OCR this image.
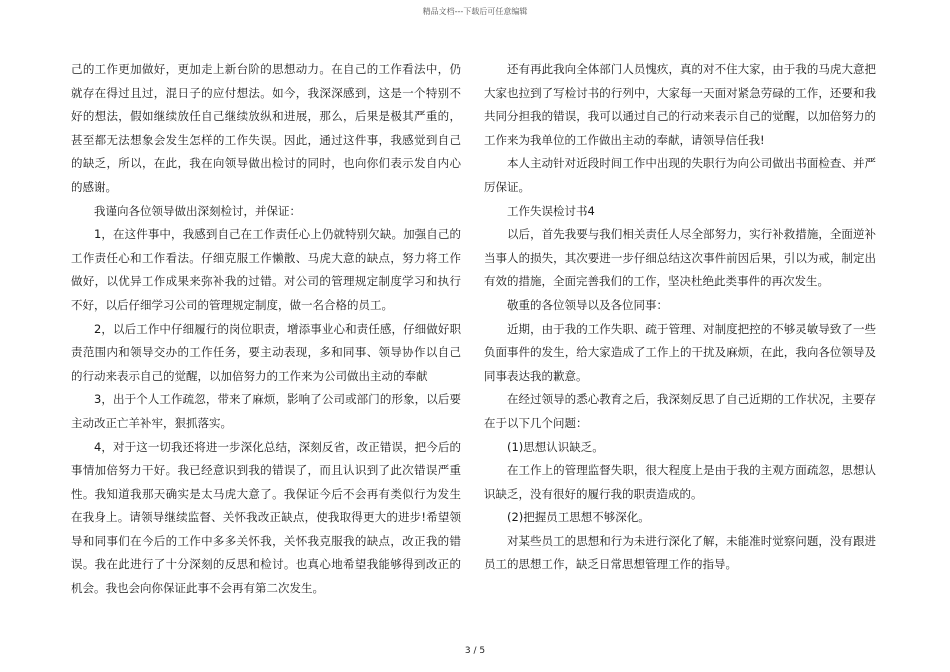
精品文档---下载后可任意编辑

己的工作更加做好，更加走上新台阶的思想动力。在自己的工作看法中，仍就存在得过且过，混日子的应付想法。如今，我深深感到，这是一个特别不好的想法，假如继续放任自己继续放纵和进展，那么，后果是极其严重的，甚至都无法想象会发生怎样的工作失误。因此，通过这件事，我感觉到自己的缺乏，所以，在此，我在向领导做出检讨的同时，也向你们表示发自内心的感谢。

我谨向各位领导做出深刻检讨，并保证：

1，在这件事中，我感到自己在工作责任心上仍就特别欠缺。加强自己的工作责任心和工作看法。仔细克服工作懒散、马虎大意的缺点，努力将工作做好，以优异工作成果来弥补我的过错。对公司的管理规定制度学习和执行不好，以后仔细学习公司的管理规定制度，做一名合格的员工。

2，以后工作中仔细履行的岗位职责，增添事业心和责任感，仔细做好职责范围内和领导交办的工作任务，要主动表现，多和同事、领导协作以自己的行动来表示自己的觉醒，以加倍努力的工作来为公司做出主动的奉献

3，出于个人工作疏忽，带来了麻烦，影响了公司或部门的形象，以后要主动改正亡羊补牢，狠抓落实。

4，对于这一切我还将进一步深化总结，深刻反省，改正错误，把今后的事情加倍努力干好。我已经意识到我的错误了，而且认识到了此次错误严重性。我知道我那天确实是太马虎大意了。我保证今后不会再有类似行为发生在我身上。请领导继续监督、关怀我改正缺点，使我取得更大的进步!希望领导和同事们在今后的工作中多多关怀我，关怀我克服我的缺点，改正我的错误。我在此进行了十分深刻的反思和检讨。也真心地希望我能够得到改正的机会。我也会向你保证此事不会再有第二次发生。

还有再此我向全体部门人员愧疚，真的对不住大家，由于我的马虎大意把大家也拉到了写检讨书的行列中，大家每一天面对紧急劳碌的工作，还要和我共同分担我的错误，我可以通过自己的行动来表示自己的觉醒，以加倍努力的工作来为我单位的工作做出主动的奉献，请领导信任我!

本人主动针对近段时间工作中出现的失职行为向公司做出书面检查、并严厉保证。

工作失误检讨书4

以后，首先我要与我们相关责任人尽全部努力，实行补救措施，全面逆补当事人的损失，其次要进一步仔细总结这次事件前因后果，引以为戒，制定出有效的措施，全面完善我们的工作，坚决杜绝此类事件的再次发生。

敬重的各位领导以及各位同事：

近期，由于我的工作失职、疏于管理、对制度把控的不够灵敏导致了一些负面事件的发生，给大家造成了工作上的干扰及麻烦，在此，我向各位领导及同事表达我的歉意。

在经过领导的悉心教育之后，我深刻反思了自己近期的工作状况，主要存在于以下几个问题：

(1)思想认识缺乏。

在工作上的管理监督失职，很大程度上是由于我的主观方面疏忽，思想认识缺乏，没有很好的履行我的职责造成的。

(2)把握员工思想不够深化。

对某些员工的思想和行为未进行深化了解，未能准时觉察问题，没有跟进员工的思想工作，缺乏日常思想管理工作的指导。

3 / 5
